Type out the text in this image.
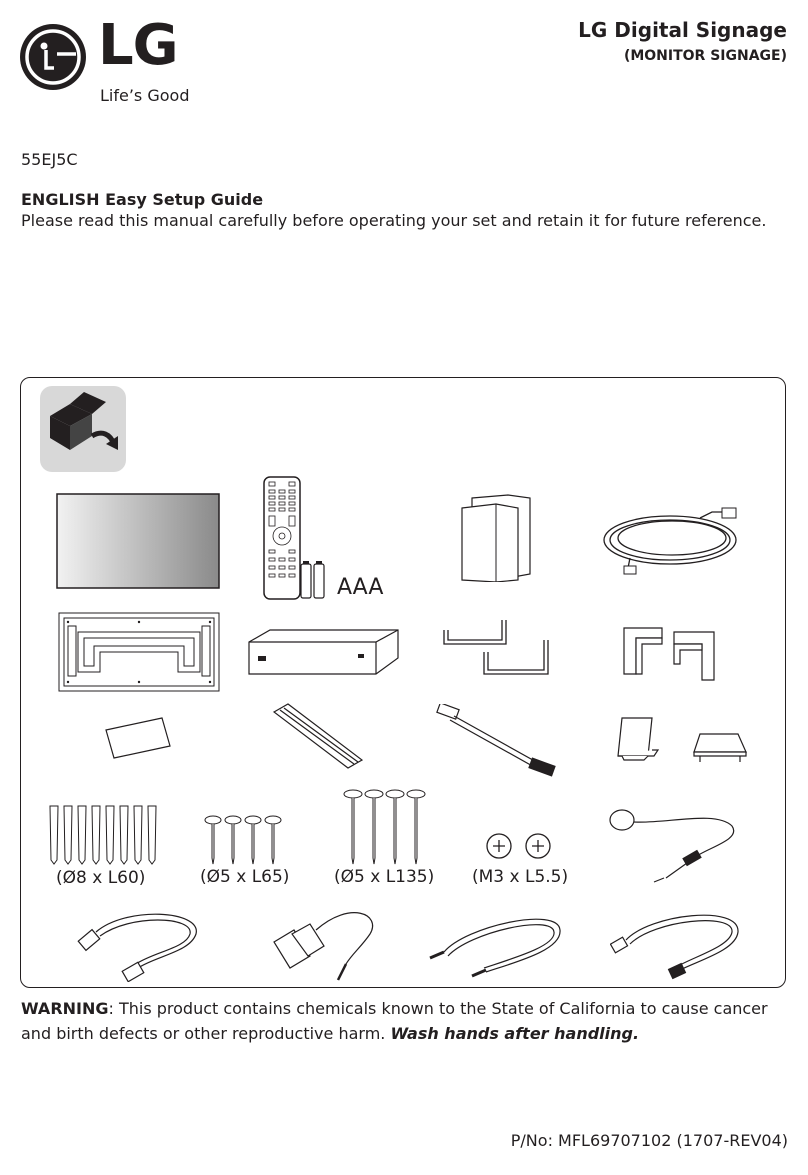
LG
Life’s Good
LG Digital Signage
(MONITOR SIGNAGE)
55EJ5C
ENGLISH Easy Setup Guide
Please read this manual carefully before operating your set and retain it for future reference.
AAA
(Ø8 x L60)	(Ø5 x L65)	(Ø5 x L135) (M3 x L5.5)
WARNING: This product contains chemicals known to the State of California to cause cancer and birth defects or other reproductive harm. Wash hands after handling.
P/No: MFL69707102 (1707-REV04)
